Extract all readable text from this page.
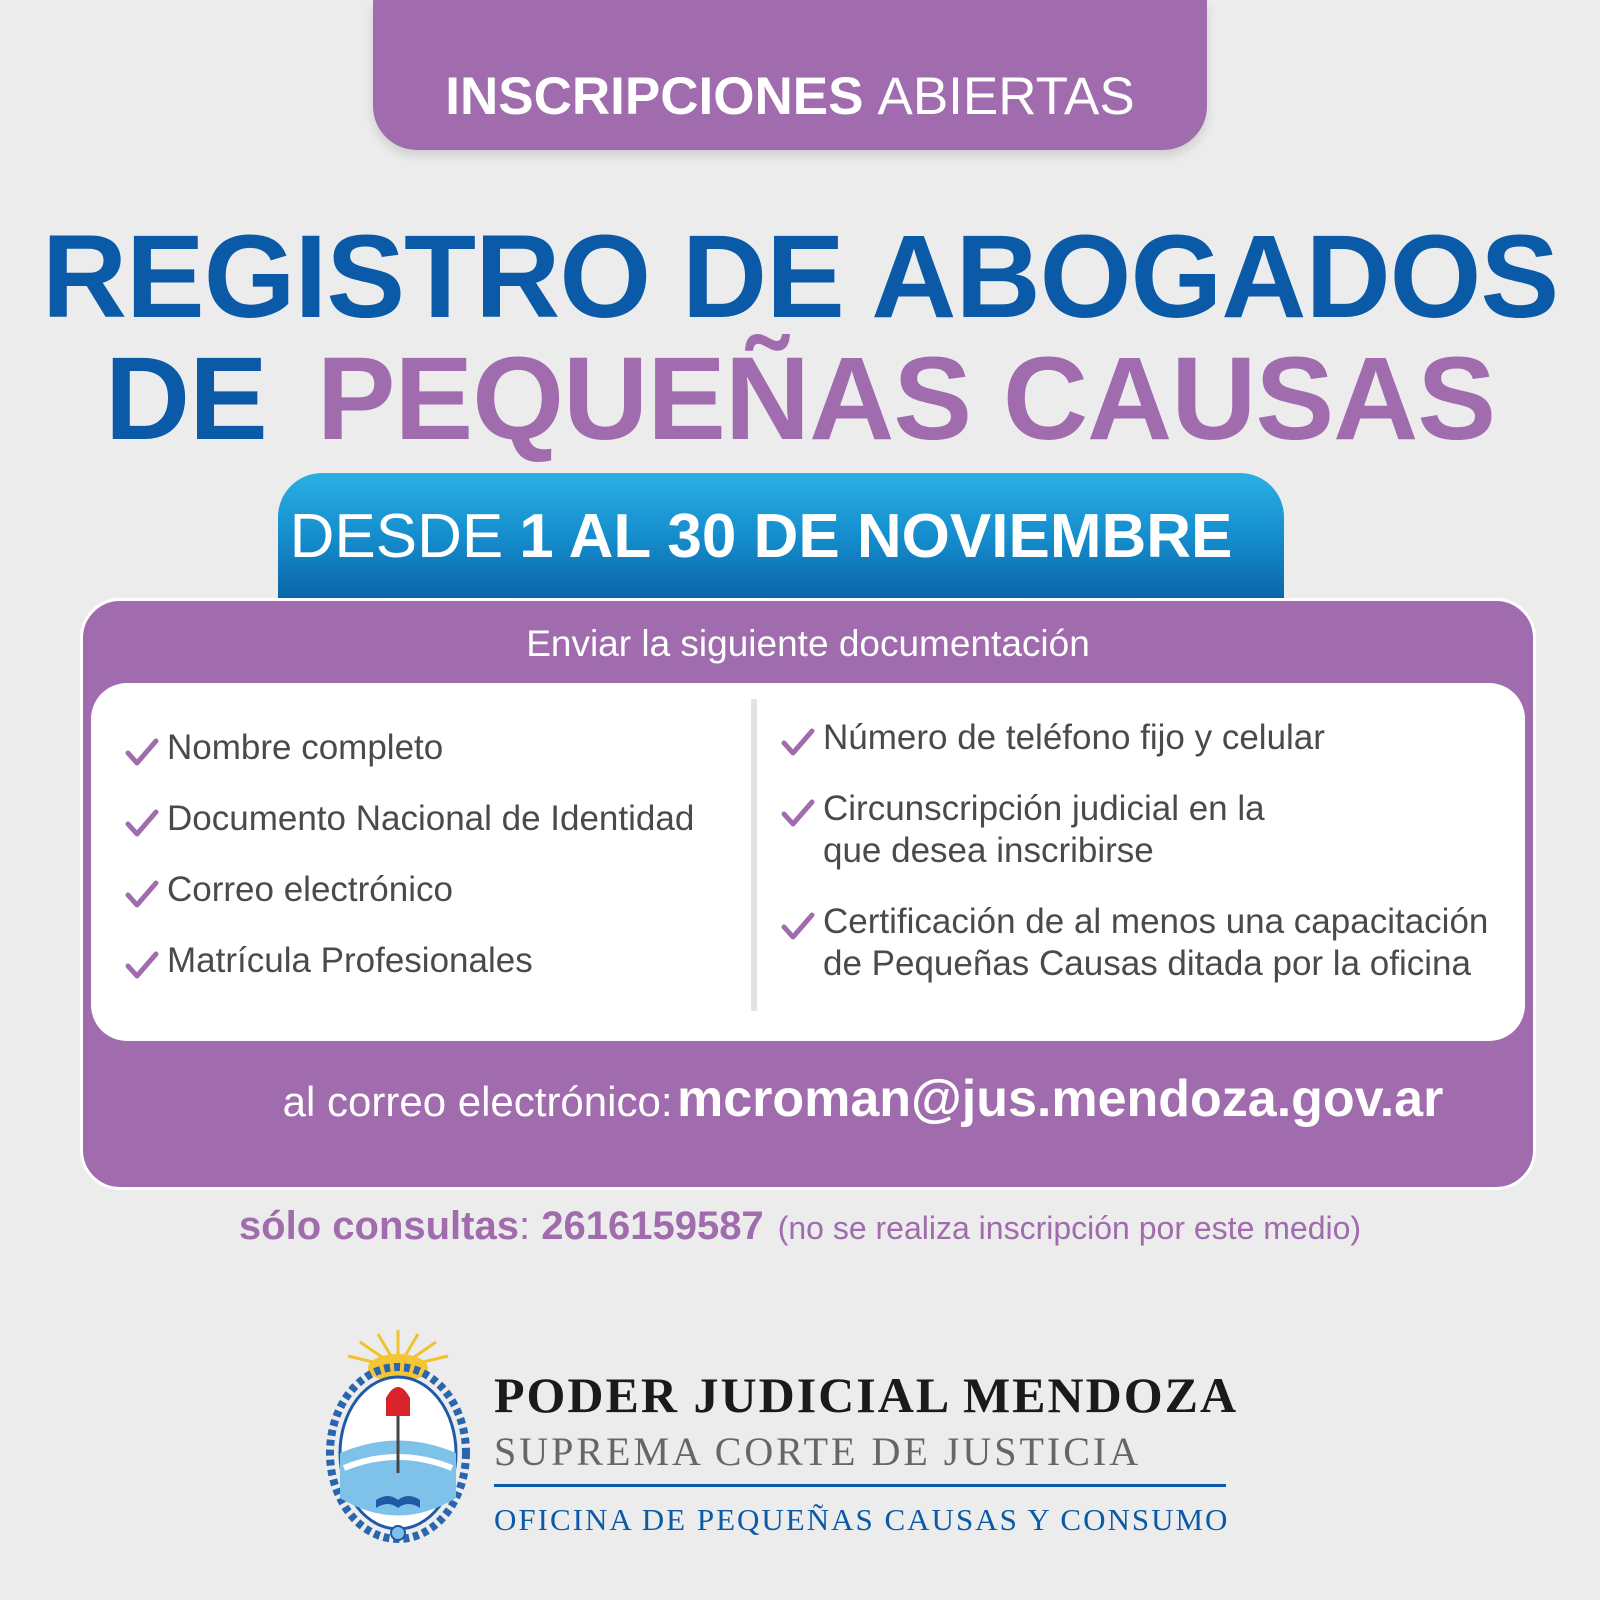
INSCRIPCIONES ABIERTAS
REGISTRO DE ABOGADOS
DE PEQUEÑAS CAUSAS
DESDE 1 AL 30 DE NOVIEMBRE
Enviar la siguiente documentación
Nombre completo
Documento Nacional de Identidad
Correo electrónico
Matrícula Profesionales
Número de teléfono fijo y celular
Circunscripción judicial en la que desea inscribirse
Certificación de al menos una capacitación de Pequeñas Causas ditada por la oficina
al correo electrónico: mcroman@jus.mendoza.gov.ar
sólo consultas: 2616159587 (no se realiza inscripción por este medio)
PODER JUDICIAL MENDOZA
SUPREMA CORTE DE JUSTICIA
OFICINA DE PEQUEÑAS CAUSAS Y CONSUMO
